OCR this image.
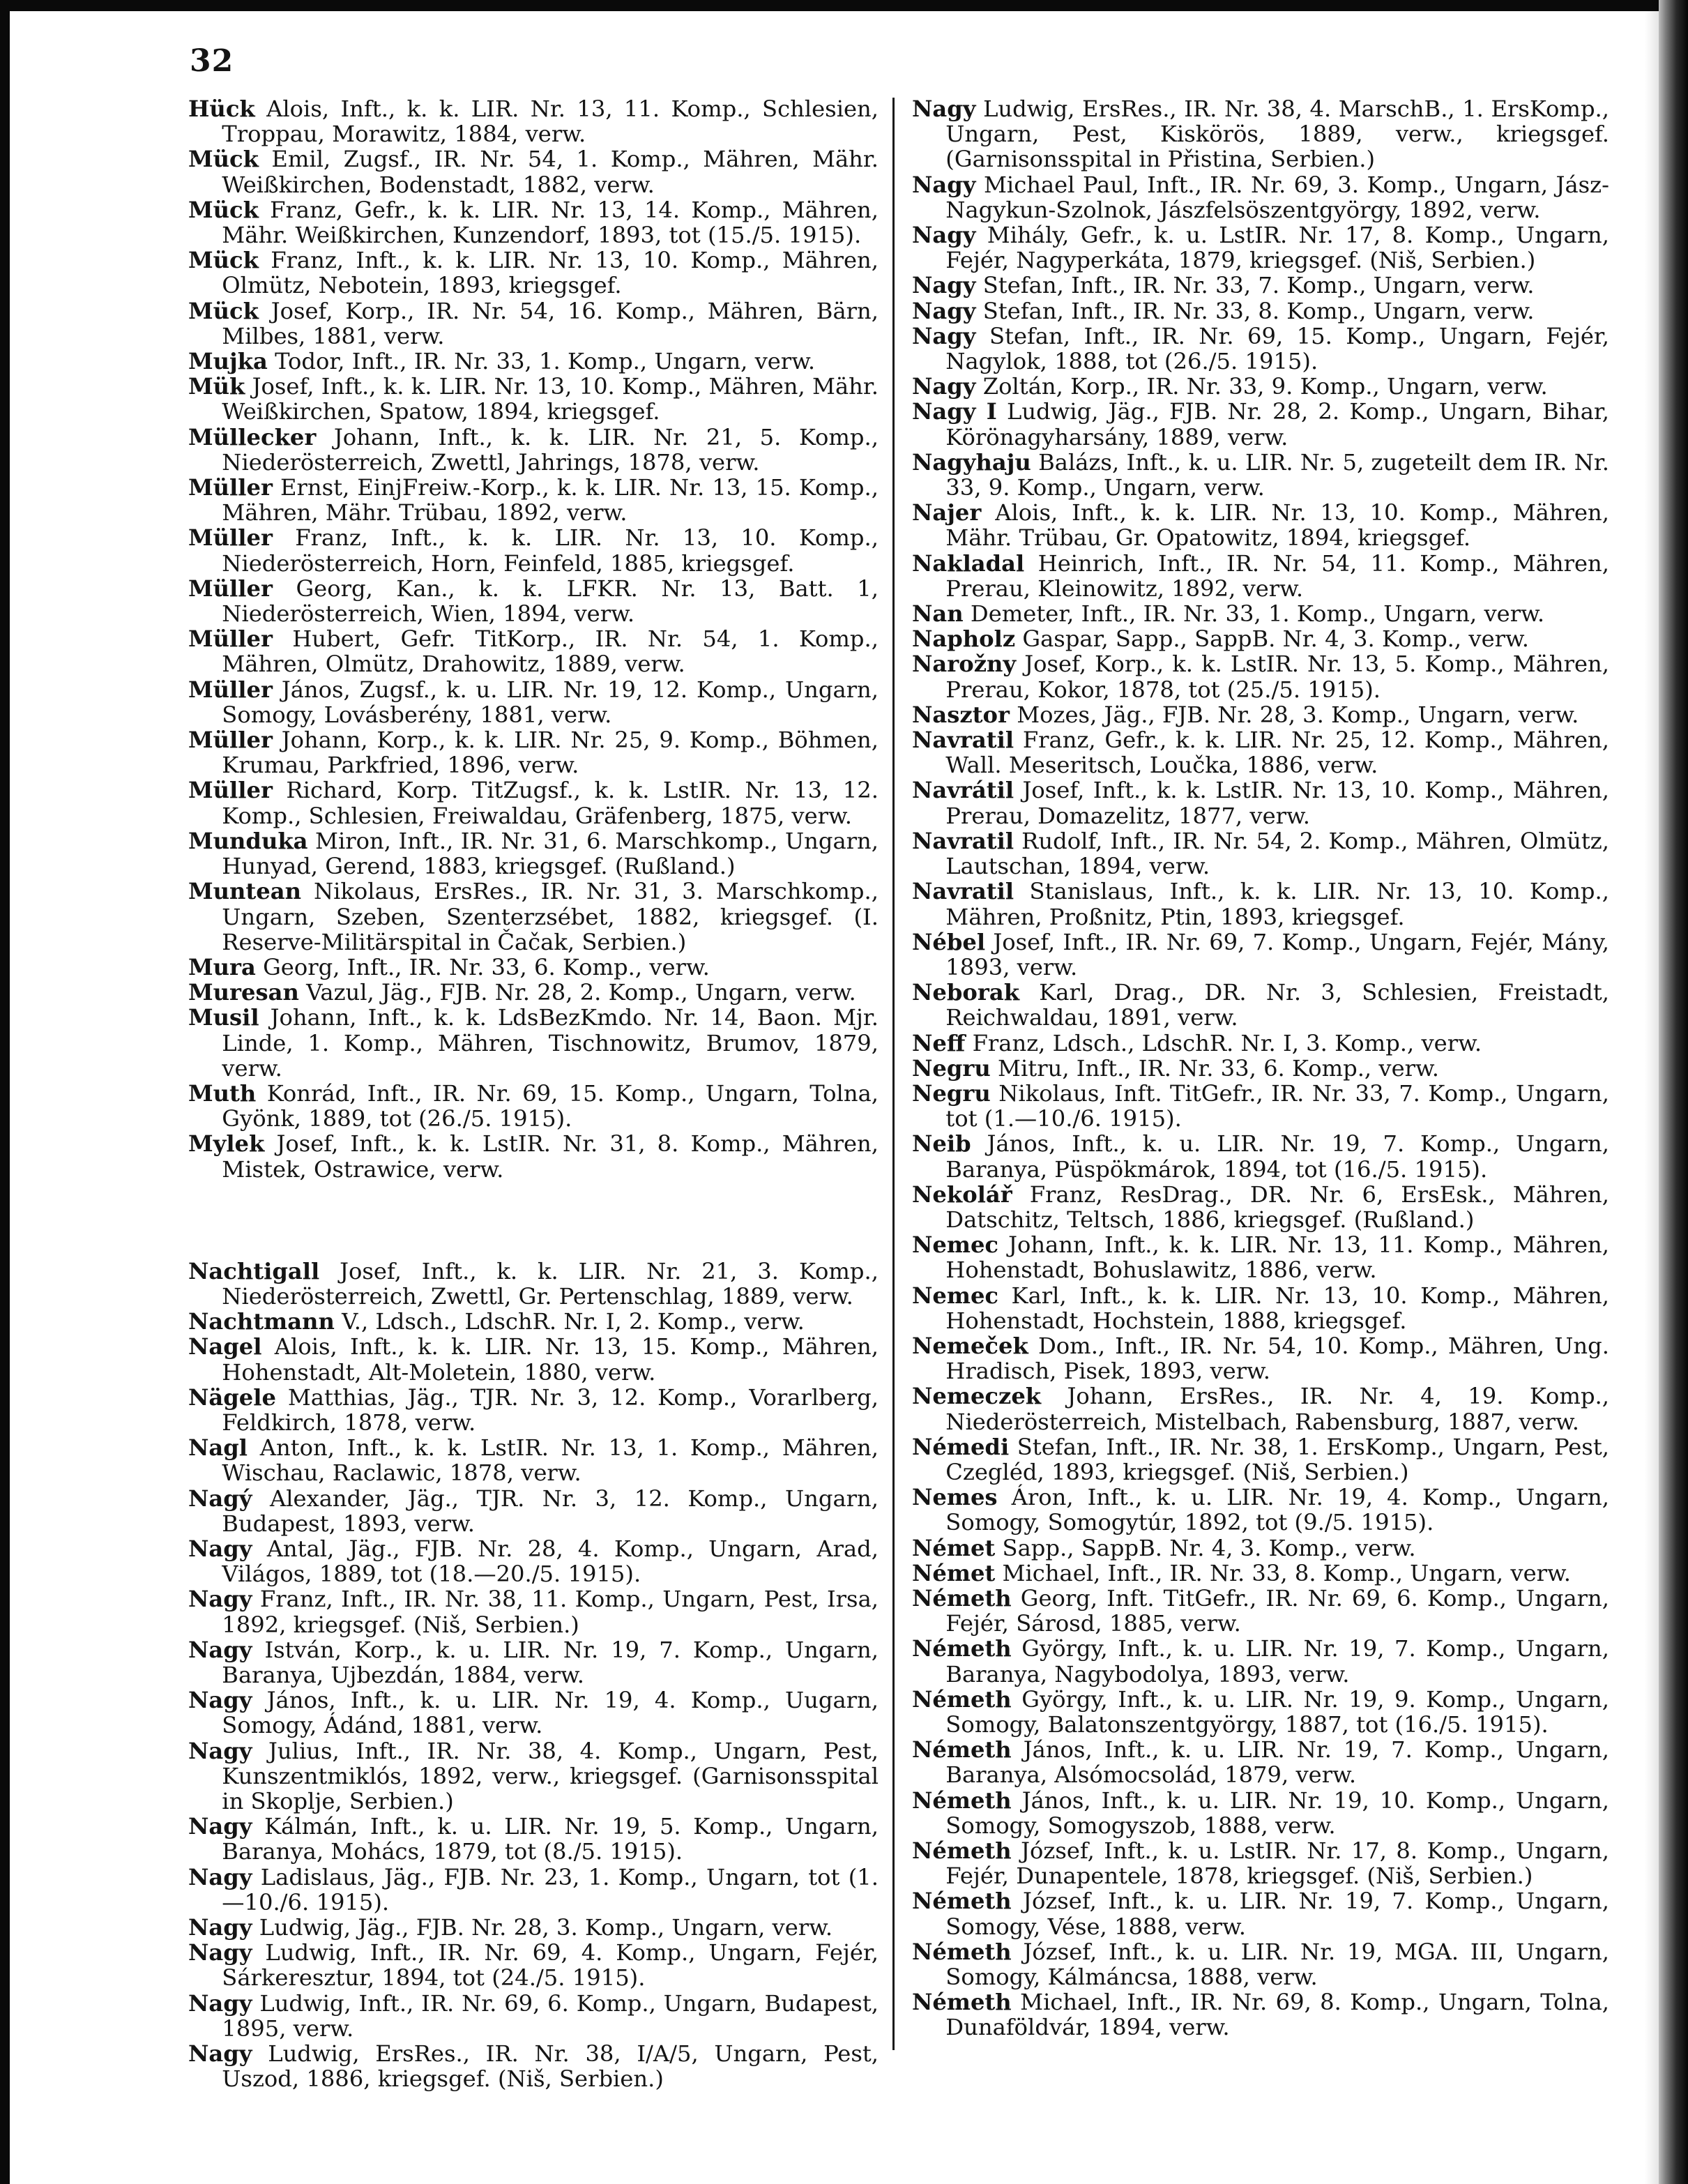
32

Hück Alois, Inft., k. k. LIR. Nr. 13, 11. Komp., Schlesien, Troppau, Morawitz, 1884, verw.

Mück Emil, Zugsf., IR. Nr. 54, 1. Komp., Mähren, Mähr. Weißkirchen, Bodenstadt, 1882, verw.

Mück Franz, Gefr., k. k. LIR. Nr. 13, 14. Komp., Mähren, Mähr. Weißkirchen, Kunzendorf, 1893, tot (15./5. 1915).

Mück Franz, Inft., k. k. LIR. Nr. 13, 10. Komp., Mähren, Olmütz, Nebotein, 1893, kriegsgef.

Mück Josef, Korp., IR. Nr. 54, 16. Komp., Mähren, Bärn, Milbes, 1881, verw.

Mujka Todor, Inft., IR. Nr. 33, 1. Komp., Ungarn, verw.

Mük Josef, Inft., k. k. LIR. Nr. 13, 10. Komp., Mähren, Mähr. Weißkirchen, Spatow, 1894, kriegsgef.

Müllecker Johann, Inft., k. k. LIR. Nr. 21, 5. Komp., Niederösterreich, Zwettl, Jahrings, 1878, verw.

Müller Ernst, EinjFreiw.-Korp., k. k. LIR. Nr. 13, 15. Komp., Mähren, Mähr. Trübau, 1892, verw.

Müller Franz, Inft., k. k. LIR. Nr. 13, 10. Komp., Niederösterreich, Horn, Feinfeld, 1885, kriegsgef.

Müller Georg, Kan., k. k. LFKR. Nr. 13, Batt. 1, Niederösterreich, Wien, 1894, verw.

Müller Hubert, Gefr. TitKorp., IR. Nr. 54, 1. Komp., Mähren, Olmütz, Drahowitz, 1889, verw.

Müller János, Zugsf., k. u. LIR. Nr. 19, 12. Komp., Ungarn, Somogy, Lovásberény, 1881, verw.

Müller Johann, Korp., k. k. LIR. Nr. 25, 9. Komp., Böhmen, Krumau, Parkfried, 1896, verw.

Müller Richard, Korp. TitZugsf., k. k. LstIR. Nr. 13, 12. Komp., Schlesien, Freiwaldau, Gräfenberg, 1875, verw.

Munduka Miron, Inft., IR. Nr. 31, 6. Marschkomp., Ungarn, Hunyad, Gerend, 1883, kriegsgef. (Rußland.)

Muntean Nikolaus, ErsRes., IR. Nr. 31, 3. Marschkomp., Ungarn, Szeben, Szenterzsébet, 1882, kriegsgef. (I. Reserve-Militärspital in Čačak, Serbien.)

Mura Georg, Inft., IR. Nr. 33, 6. Komp., verw.

Muresan Vazul, Jäg., FJB. Nr. 28, 2. Komp., Ungarn, verw.

Musil Johann, Inft., k. k. LdsBezKmdo. Nr. 14, Baon. Mjr. Linde, 1. Komp., Mähren, Tischnowitz, Brumov, 1879, verw.

Muth Konrád, Inft., IR. Nr. 69, 15. Komp., Ungarn, Tolna, Gyönk, 1889, tot (26./5. 1915).

Mylek Josef, Inft., k. k. LstIR. Nr. 31, 8. Komp., Mähren, Mistek, Ostrawice, verw.

Nachtigall Josef, Inft., k. k. LIR. Nr. 21, 3. Komp., Niederösterreich, Zwettl, Gr. Pertenschlag, 1889, verw.

Nachtmann V., Ldsch., LdschR. Nr. I, 2. Komp., verw.

Nagel Alois, Inft., k. k. LIR. Nr. 13, 15. Komp., Mähren, Hohenstadt, Alt-Moletein, 1880, verw.

Nägele Matthias, Jäg., TJR. Nr. 3, 12. Komp., Vorarlberg, Feldkirch, 1878, verw.

Nagl Anton, Inft., k. k. LstIR. Nr. 13, 1. Komp., Mähren, Wischau, Raclawic, 1878, verw.

Nagý Alexander, Jäg., TJR. Nr. 3, 12. Komp., Ungarn, Budapest, 1893, verw.

Nagy Antal, Jäg., FJB. Nr. 28, 4. Komp., Ungarn, Arad, Világos, 1889, tot (18.—20./5. 1915).

Nagy Franz, Inft., IR. Nr. 38, 11. Komp., Ungarn, Pest, Irsa, 1892, kriegsgef. (Niš, Serbien.)

Nagy István, Korp., k. u. LIR. Nr. 19, 7. Komp., Ungarn, Baranya, Ujbezdán, 1884, verw.

Nagy János, Inft., k. u. LIR. Nr. 19, 4. Komp., Uugarn, Somogy, Ádánd, 1881, verw.

Nagy Julius, Inft., IR. Nr. 38, 4. Komp., Ungarn, Pest, Kunszentmiklós, 1892, verw., kriegsgef. (Garnisonsspital in Skoplje, Serbien.)

Nagy Kálmán, Inft., k. u. LIR. Nr. 19, 5. Komp., Ungarn, Baranya, Mohács, 1879, tot (8./5. 1915).

Nagy Ladislaus, Jäg., FJB. Nr. 23, 1. Komp., Ungarn, tot (1.—10./6. 1915).

Nagy Ludwig, Jäg., FJB. Nr. 28, 3. Komp., Ungarn, verw.

Nagy Ludwig, Inft., IR. Nr. 69, 4. Komp., Ungarn, Fejér, Sárkeresztur, 1894, tot (24./5. 1915).

Nagy Ludwig, Inft., IR. Nr. 69, 6. Komp., Ungarn, Budapest, 1895, verw.

Nagy Ludwig, ErsRes., IR. Nr. 38, I/A/5, Ungarn, Pest, Uszod, 1886, kriegsgef. (Niš, Serbien.)

Nagy Ludwig, ErsRes., IR. Nr. 38, 4. MarschB., 1. ErsKomp., Ungarn, Pest, Kiskörös, 1889, verw., kriegsgef. (Garnisonsspital in Přistina, Serbien.)

Nagy Michael Paul, Inft., IR. Nr. 69, 3. Komp., Ungarn, Jász-Nagykun-Szolnok, Jászfelsöszentgyörgy, 1892, verw.

Nagy Mihály, Gefr., k. u. LstIR. Nr. 17, 8. Komp., Ungarn, Fejér, Nagyperkáta, 1879, kriegsgef. (Niš, Serbien.)

Nagy Stefan, Inft., IR. Nr. 33, 7. Komp., Ungarn, verw.

Nagy Stefan, Inft., IR. Nr. 33, 8. Komp., Ungarn, verw.

Nagy Stefan, Inft., IR. Nr. 69, 15. Komp., Ungarn, Fejér, Nagylok, 1888, tot (26./5. 1915).

Nagy Zoltán, Korp., IR. Nr. 33, 9. Komp., Ungarn, verw.

Nagy I Ludwig, Jäg., FJB. Nr. 28, 2. Komp., Ungarn, Bihar, Körönagyharsány, 1889, verw.

Nagyhaju Balázs, Inft., k. u. LIR. Nr. 5, zugeteilt dem IR. Nr. 33, 9. Komp., Ungarn, verw.

Najer Alois, Inft., k. k. LIR. Nr. 13, 10. Komp., Mähren, Mähr. Trübau, Gr. Opatowitz, 1894, kriegsgef.

Nakladal Heinrich, Inft., IR. Nr. 54, 11. Komp., Mähren, Prerau, Kleinowitz, 1892, verw.

Nan Demeter, Inft., IR. Nr. 33, 1. Komp., Ungarn, verw.

Napholz Gaspar, Sapp., SappB. Nr. 4, 3. Komp., verw.

Narožny Josef, Korp., k. k. LstIR. Nr. 13, 5. Komp., Mähren, Prerau, Kokor, 1878, tot (25./5. 1915).

Nasztor Mozes, Jäg., FJB. Nr. 28, 3. Komp., Ungarn, verw.

Navratil Franz, Gefr., k. k. LIR. Nr. 25, 12. Komp., Mähren, Wall. Meseritsch, Loučka, 1886, verw.

Navrátil Josef, Inft., k. k. LstIR. Nr. 13, 10. Komp., Mähren, Prerau, Domazelitz, 1877, verw.

Navratil Rudolf, Inft., IR. Nr. 54, 2. Komp., Mähren, Olmütz, Lautschan, 1894, verw.

Navratil Stanislaus, Inft., k. k. LIR. Nr. 13, 10. Komp., Mähren, Proßnitz, Ptin, 1893, kriegsgef.

Nébel Josef, Inft., IR. Nr. 69, 7. Komp., Ungarn, Fejér, Mány, 1893, verw.

Neborak Karl, Drag., DR. Nr. 3, Schlesien, Freistadt, Reichwaldau, 1891, verw.

Neff Franz, Ldsch., LdschR. Nr. I, 3. Komp., verw.

Negru Mitru, Inft., IR. Nr. 33, 6. Komp., verw.

Negru Nikolaus, Inft. TitGefr., IR. Nr. 33, 7. Komp., Ungarn, tot (1.—10./6. 1915).

Neib János, Inft., k. u. LIR. Nr. 19, 7. Komp., Ungarn, Baranya, Püspökmárok, 1894, tot (16./5. 1915).

Nekolář Franz, ResDrag., DR. Nr. 6, ErsEsk., Mähren, Datschitz, Teltsch, 1886, kriegsgef. (Rußland.)

Nemec Johann, Inft., k. k. LIR. Nr. 13, 11. Komp., Mähren, Hohenstadt, Bohuslawitz, 1886, verw.

Nemec Karl, Inft., k. k. LIR. Nr. 13, 10. Komp., Mähren, Hohenstadt, Hochstein, 1888, kriegsgef.

Nemeček Dom., Inft., IR. Nr. 54, 10. Komp., Mähren, Ung. Hradisch, Pisek, 1893, verw.

Nemeczek Johann, ErsRes., IR. Nr. 4, 19. Komp., Niederösterreich, Mistelbach, Rabensburg, 1887, verw.

Némedi Stefan, Inft., IR. Nr. 38, 1. ErsKomp., Ungarn, Pest, Czegléd, 1893, kriegsgef. (Niš, Serbien.)

Nemes Áron, Inft., k. u. LIR. Nr. 19, 4. Komp., Ungarn, Somogy, Somogytúr, 1892, tot (9./5. 1915).

Német Sapp., SappB. Nr. 4, 3. Komp., verw.

Német Michael, Inft., IR. Nr. 33, 8. Komp., Ungarn, verw.

Németh Georg, Inft. TitGefr., IR. Nr. 69, 6. Komp., Ungarn, Fejér, Sárosd, 1885, verw.

Németh György, Inft., k. u. LIR. Nr. 19, 7. Komp., Ungarn, Baranya, Nagybodolya, 1893, verw.

Németh György, Inft., k. u. LIR. Nr. 19, 9. Komp., Ungarn, Somogy, Balatonszentgyörgy, 1887, tot (16./5. 1915).

Németh János, Inft., k. u. LIR. Nr. 19, 7. Komp., Ungarn, Baranya, Alsómocsolád, 1879, verw.

Németh János, Inft., k. u. LIR. Nr. 19, 10. Komp., Ungarn, Somogy, Somogyszob, 1888, verw.

Németh József, Inft., k. u. LstIR. Nr. 17, 8. Komp., Ungarn, Fejér, Dunapentele, 1878, kriegsgef. (Niš, Serbien.)

Németh József, Inft., k. u. LIR. Nr. 19, 7. Komp., Ungarn, Somogy, Vése, 1888, verw.

Németh József, Inft., k. u. LIR. Nr. 19, MGA. III, Ungarn, Somogy, Kálmáncsa, 1888, verw.

Németh Michael, Inft., IR. Nr. 69, 8. Komp., Ungarn, Tolna, Dunaföldvár, 1894, verw.
